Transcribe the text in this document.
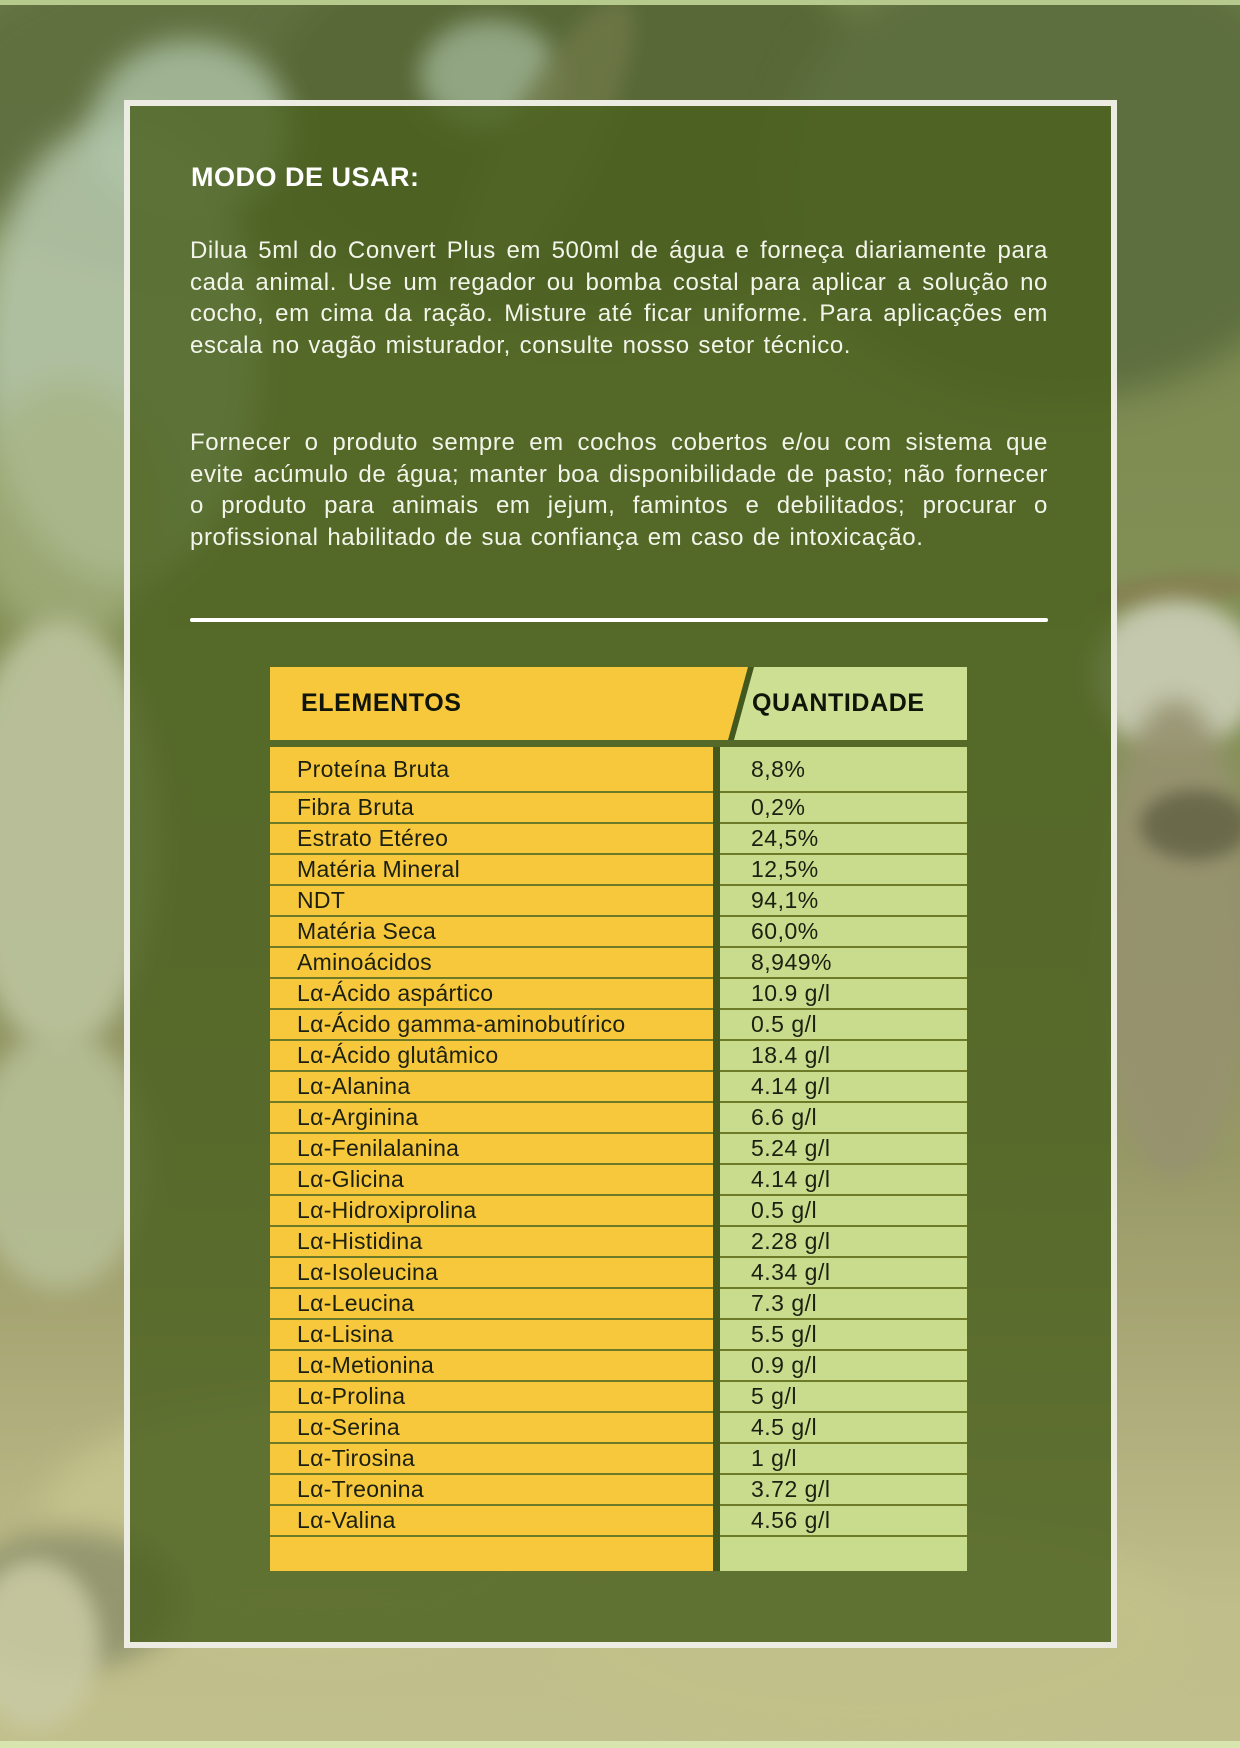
MODO DE USAR:

Dilua 5ml do Convert Plus em 500ml de água e forneça diariamente para cada animal. Use um regador ou bomba costal para aplicar a solução no cocho, em cima da ração. Misture até ficar uniforme. Para aplicações em escala no vagão misturador, consulte nosso setor técnico.

Fornecer o produto sempre em cochos cobertos e/ou com sistema que evite acúmulo de água; manter boa disponibilidade de pasto; não fornecer o produto para animais em jejum, famintos e debilitados; procurar o profissional habilitado de sua confiança em caso de intoxicação.

ELEMENTOS	QUANTIDADE
Proteína Bruta	8,8%
Fibra Bruta	0,2%
Estrato Etéreo	24,5%
Matéria Mineral	12,5%
NDT	94,1%
Matéria Seca	60,0%
Aminoácidos	8,949%
Lα-Ácido aspártico	10.9 g/l
Lα-Ácido gamma-aminobutírico	0.5 g/l
Lα-Ácido glutâmico	18.4 g/l
Lα-Alanina	4.14 g/l
Lα-Arginina	6.6 g/l
Lα-Fenilalanina	5.24 g/l
Lα-Glicina	4.14 g/l
Lα-Hidroxiprolina	0.5 g/l
Lα-Histidina	2.28 g/l
Lα-Isoleucina	4.34 g/l
Lα-Leucina	7.3 g/l
Lα-Lisina	5.5 g/l
Lα-Metionina	0.9 g/l
Lα-Prolina	5 g/l
Lα-Serina	4.5 g/l
Lα-Tirosina	1 g/l
Lα-Treonina	3.72 g/l
Lα-Valina	4.56 g/l
